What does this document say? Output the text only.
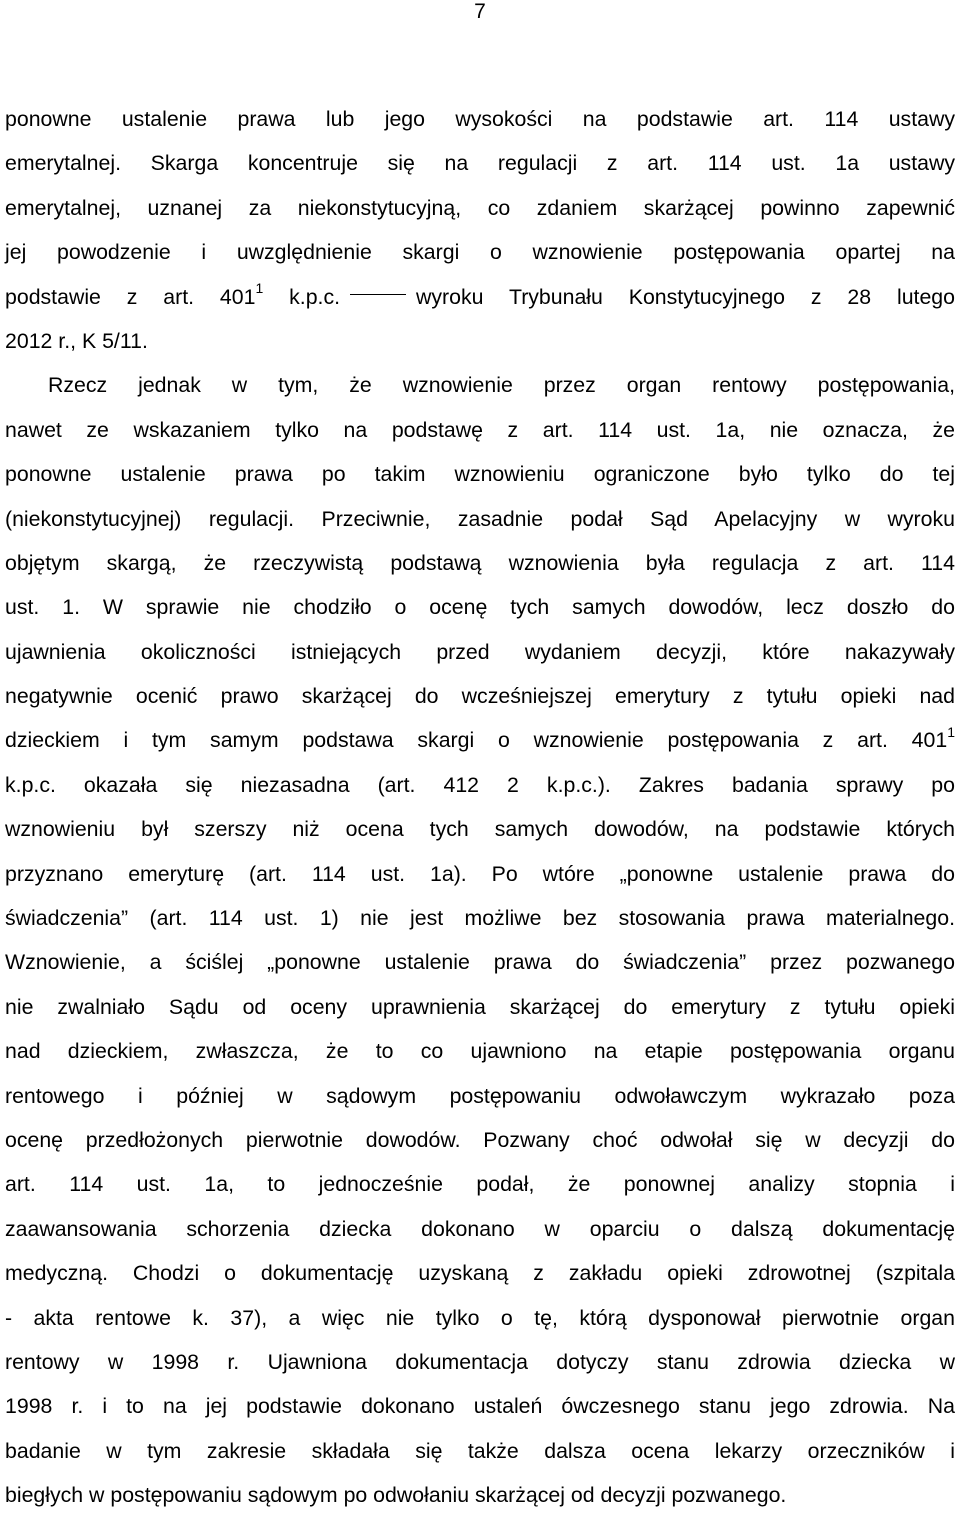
7
ponowne ustalenie prawa lub jego wysokości na podstawie art. 114 ustawy
emerytalnej. Skarga koncentruje się na regulacji z art. 114 ust. 1a ustawy
emerytalnej, uznanej za niekonstytucyjną, co zdaniem skarżącej powinno zapewnić
jej powodzenie i uwzględnienie skargi o wznowienie postępowania opartej na
podstawie z art. $401^1$ k.p.c.	wyroku Trybunału Konstytucyjnego z 28 lutego
2012 r., K 5/11.
Rzecz jednak w tym, że wznowienie przez organ rentowy postępowania,
nawet ze wskazaniem tylko na podstawę z art. 114 ust. 1a, nie oznacza, że
ponowne ustalenie prawa po takim wznowieniu ograniczone było tylko do tej
(niekonstytucyjnej) regulacji. Przeciwnie, zasadnie podał Sąd Apelacyjny w wyroku
objętym skargą, że rzeczywistą podstawą wznowienia była regulacja z art. 114
ust. 1. W sprawie nie chodziło o ocenę tych samych dowodów, lecz doszło do
ujawnienia okoliczności istniejących przed wydaniem decyzji, które nakazywały
negatywnie ocenić prawo skarżącej do wcześniejszej emerytury z tytułu opieki nad
dzieckiem i tym samym podstawa skargi o wznowienie postępowania z art. $401^1$
k.p.c. okazała się niezasadna (art. 412 2 k.p.c.). Zakres badania sprawy po
wznowieniu był szerszy niż ocena tych samych dowodów, na podstawie których
przyznano emeryturę (art. 114 ust. 1a). Po wtóre „ponowne ustalenie prawa do
świadczenia” (art. 114 ust. 1) nie jest możliwe bez stosowania prawa materialnego.
Wznowienie, a ściślej „ponowne ustalenie prawa do świadczenia” przez pozwanego
nie zwalniało Sądu od oceny uprawnienia skarżącej do emerytury z tytułu opieki
nad dzieckiem, zwłaszcza, że to co ujawniono na etapie postępowania organu
rentowego i później w sądowym postępowaniu odwoławczym wykrazało poza
ocenę przedłożonych pierwotnie dowodów. Pozwany choć odwołał się w decyzji do
art. 114 ust. 1a, to jednocześnie podał, że ponownej analizy stopnia i
zaawansowania schorzenia dziecka dokonano w oparciu o dalszą dokumentację
medyczną. Chodzi o dokumentację uzyskaną z zakładu opieki zdrowotnej (szpitala
- akta rentowe k. 37), a więc nie tylko o tę, którą dysponował pierwotnie organ
rentowy w 1998 r. Ujawniona dokumentacja dotyczy stanu zdrowia dziecka w
1998 r. i to na jej podstawie dokonano ustaleń ówczesnego stanu jego zdrowia. Na
badanie w tym zakresie składała się także dalsza ocena lekarzy orzeczników i
biegłych w postępowaniu sądowym po odwołaniu skarżącej od decyzji pozwanego.
